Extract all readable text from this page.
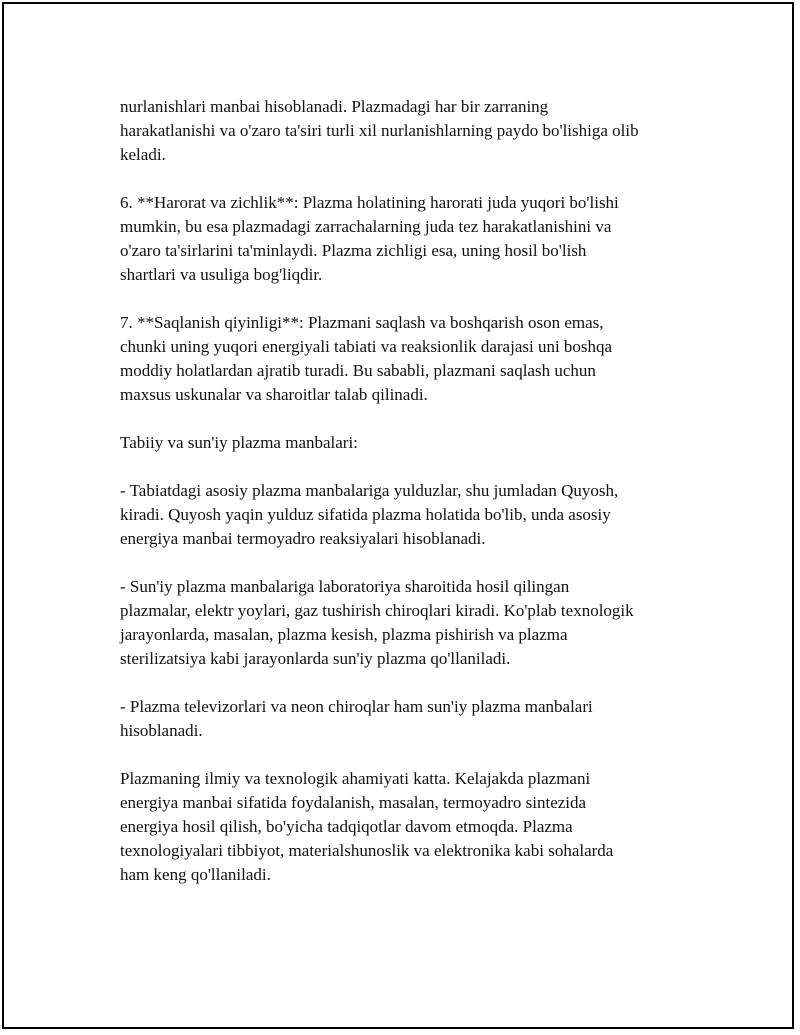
nurlanishlari manbai hisoblanadi. Plazmadagi har bir zarraning
harakatlanishi va o'zaro ta'siri turli xil nurlanishlarning paydo bo'lishiga olib
keladi.

6. **Harorat va zichlik**: Plazma holatining harorati juda yuqori bo'lishi
mumkin, bu esa plazmadagi zarrachalarning juda tez harakatlanishini va
o'zaro ta'sirlarini ta'minlaydi. Plazma zichligi esa, uning hosil bo'lish
shartlari va usuliga bog'liqdir.

7. **Saqlanish qiyinligi**: Plazmani saqlash va boshqarish oson emas,
chunki uning yuqori energiyali tabiati va reaksionlik darajasi uni boshqa
moddiy holatlardan ajratib turadi. Bu sababli, plazmani saqlash uchun
maxsus uskunalar va sharoitlar talab qilinadi.

Tabiiy va sun'iy plazma manbalari:

- Tabiatdagi asosiy plazma manbalariga yulduzlar, shu jumladan Quyosh,
kiradi. Quyosh yaqin yulduz sifatida plazma holatida bo'lib, unda asosiy
energiya manbai termoyadro reaksiyalari hisoblanadi.

- Sun'iy plazma manbalariga laboratoriya sharoitida hosil qilingan
plazmalar, elektr yoylari, gaz tushirish chiroqlari kiradi. Ko'plab texnologik
jarayonlarda, masalan, plazma kesish, plazma pishirish va plazma
sterilizatsiya kabi jarayonlarda sun'iy plazma qo'llaniladi.

- Plazma televizorlari va neon chiroqlar ham sun'iy plazma manbalari
hisoblanadi.

Plazmaning ilmiy va texnologik ahamiyati katta. Kelajakda plazmani
energiya manbai sifatida foydalanish, masalan, termoyadro sintezida
energiya hosil qilish, bo'yicha tadqiqotlar davom etmoqda. Plazma
texnologiyalari tibbiyot, materialshunoslik va elektronika kabi sohalarda
ham keng qo'llaniladi.
